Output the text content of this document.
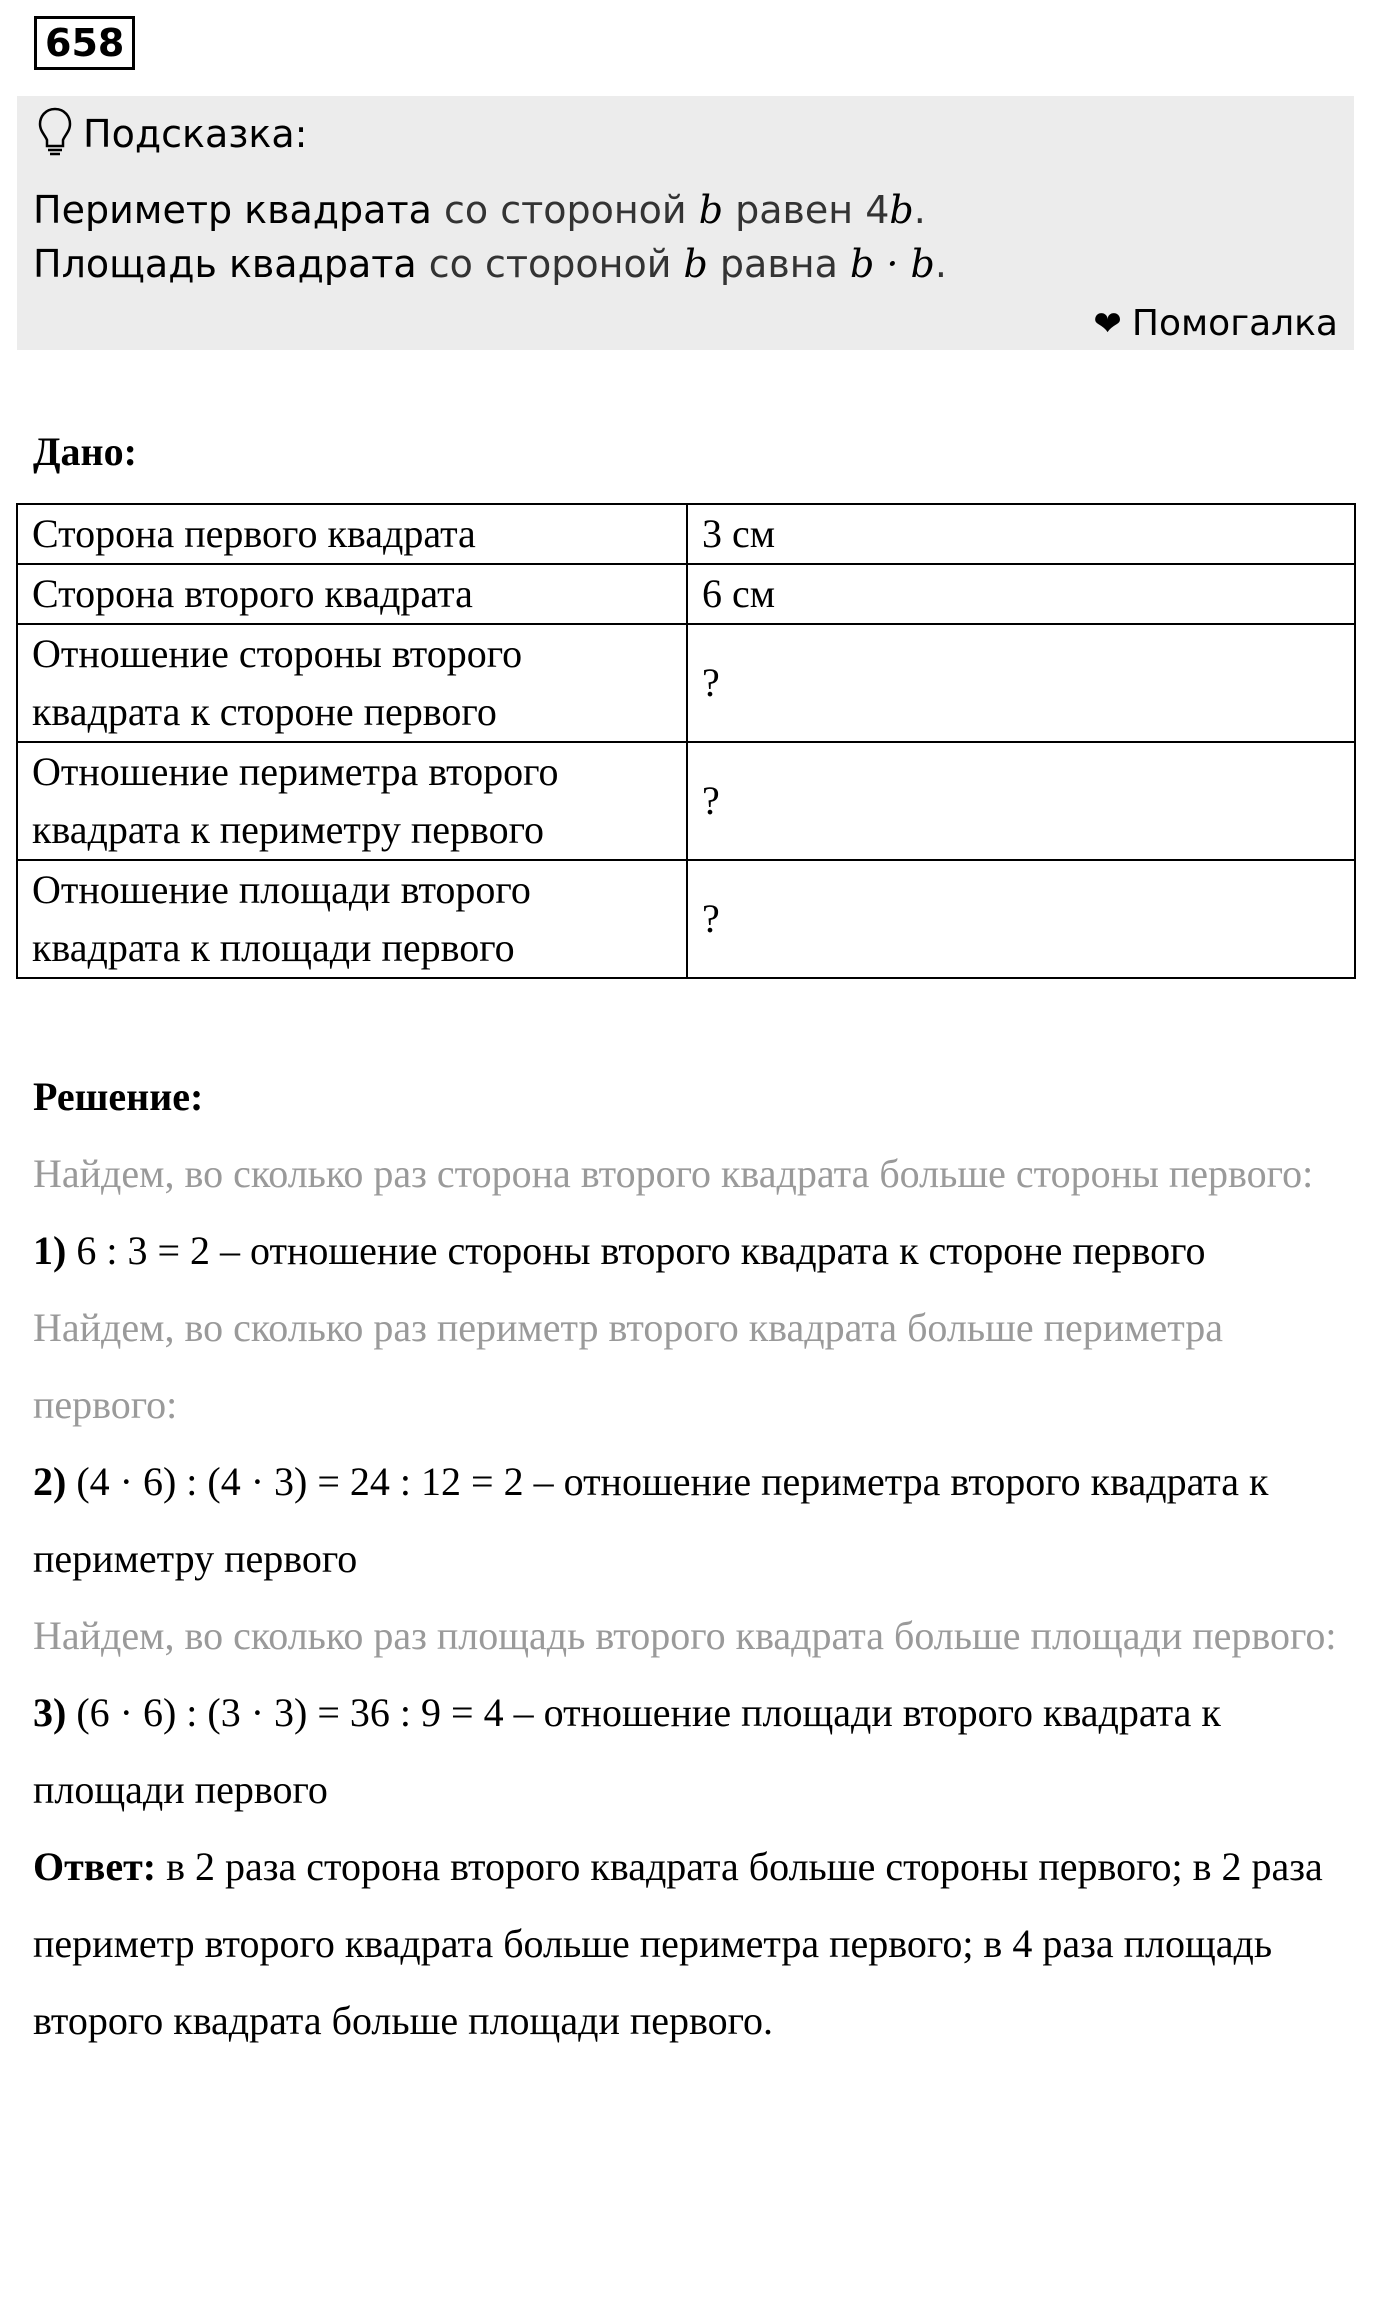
658
Подсказка:
Периметр квадрата со стороной b равен 4b.
Площадь квадрата со стороной b равна b · b.
❤ Помогалка
Дано:
Сторона первого квадрата	3 см
Сторона второго квадрата	6 см
Отношение стороны второго квадрата к стороне первого	?
Отношение периметра второго квадрата к периметру первого	?
Отношение площади второго квадрата к площади первого	?
Решение:
Найдем, во сколько раз сторона второго квадрата больше стороны первого:
1) 6 : 3 = 2 – отношение стороны второго квадрата к стороне первого
Найдем, во сколько раз периметр второго квадрата больше периметра первого:
2) (4 · 6) : (4 · 3) = 24 : 12 = 2 – отношение периметра второго квадрата к периметру первого
Найдем, во сколько раз площадь второго квадрата больше площади первого:
3) (6 · 6) : (3 · 3) = 36 : 9 = 4 – отношение площади второго квадрата к площади первого
Ответ: в 2 раза сторона второго квадрата больше стороны первого; в 2 раза периметр второго квадрата больше периметра первого; в 4 раза площадь второго квадрата больше площади первого.
